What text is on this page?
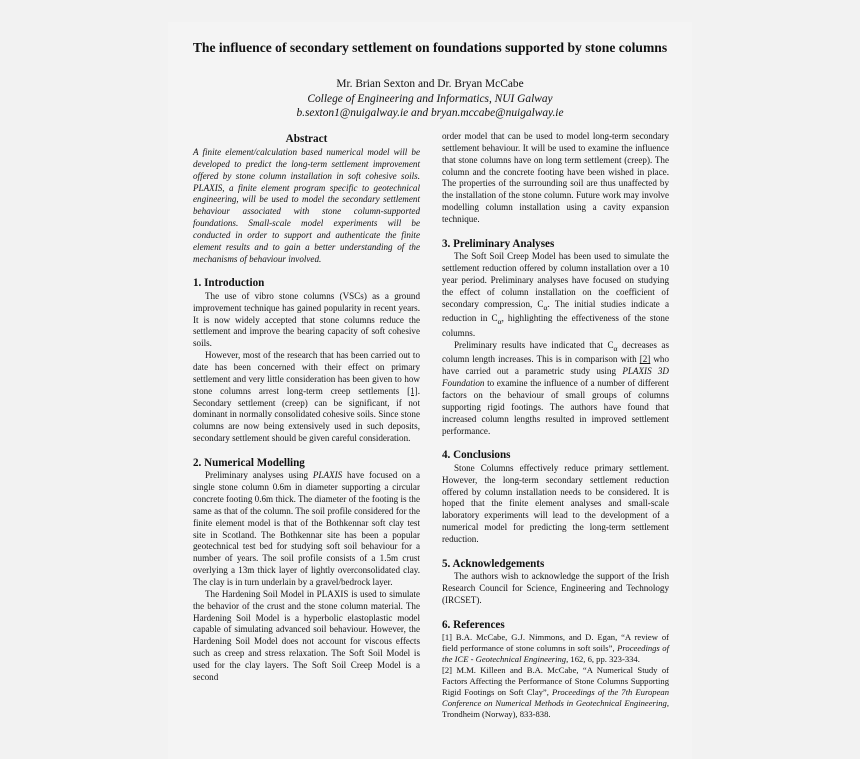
The influence of secondary settlement on foundations supported by stone columns
Mr. Brian Sexton and Dr. Bryan McCabe
College of Engineering and Informatics, NUI Galway
b.sexton1@nuigalway.ie and bryan.mccabe@nuigalway.ie
Abstract

A finite element/calculation based numerical model will be developed to predict the long-term settlement improvement offered by stone column installation in soft cohesive soils. PLAXIS, a finite element program specific to geotechnical engineering, will be used to model the secondary settlement behaviour associated with stone column-supported foundations. Small-scale model experiments will be conducted in order to support and authenticate the finite element results and to gain a better understanding of the mechanisms of behaviour involved.

1. Introduction

The use of vibro stone columns (VSCs) as a ground improvement technique has gained popularity in recent years. It is now widely accepted that stone columns reduce the settlement and improve the bearing capacity of soft cohesive soils.

However, most of the research that has been carried out to date has been concerned with their effect on primary settlement and very little consideration has been given to how stone columns arrest long-term creep settlements [1]. Secondary settlement (creep) can be significant, if not dominant in normally consolidated cohesive soils. Since stone columns are now being extensively used in such deposits, secondary settlement should be given careful consideration.

2. Numerical Modelling

Preliminary analyses using PLAXIS have focused on a single stone column 0.6m in diameter supporting a circular concrete footing 0.6m thick. The diameter of the footing is the same as that of the column. The soil profile considered for the finite element model is that of the Bothkennar soft clay test site in Scotland. The Bothkennar site has been a popular geotechnical test bed for studying soft soil behaviour for a number of years. The soil profile consists of a 1.5m crust overlying a 13m thick layer of lightly overconsolidated clay. The clay is in turn underlain by a gravel/bedrock layer.

The Hardening Soil Model in PLAXIS is used to simulate the behavior of the crust and the stone column material. The Hardening Soil Model is a hyperbolic elastoplastic model capable of simulating advanced soil behaviour. However, the Hardening Soil Model does not account for viscous effects such as creep and stress relaxation. The Soft Soil Model is used for the clay layers. The Soft Soil Creep Model is a second

order model that can be used to model long-term secondary settlement behaviour. It will be used to examine the influence that stone columns have on long term settlement (creep). The column and the concrete footing have been wished in place. The properties of the surrounding soil are thus unaffected by the installation of the stone column. Future work may involve modelling column installation using a cavity expansion technique.

3. Preliminary Analyses

The Soft Soil Creep Model has been used to simulate the settlement reduction offered by column installation over a 10 year period. Preliminary analyses have focused on studying the effect of column installation on the coefficient of secondary compression, $C_\alpha$. The initial studies indicate a reduction in $C_\alpha$, highlighting the effectiveness of the stone columns.

Preliminary results have indicated that $C_\alpha$ decreases as column length increases. This is in comparison with [2] who have carried out a parametric study using PLAXIS 3D Foundation to examine the influence of a number of different factors on the behaviour of small groups of columns supporting rigid footings. The authors have found that increased column lengths resulted in improved settlement performance.

4. Conclusions

Stone Columns effectively reduce primary settlement. However, the long-term secondary settlement reduction offered by column installation needs to be considered. It is hoped that the finite element analyses and small-scale laboratory experiments will lead to the development of a numerical model for predicting the long-term settlement reduction.

5. Acknowledgements

The authors wish to acknowledge the support of the Irish Research Council for Science, Engineering and Technology (IRCSET).

6. References

[1] B.A. McCabe, G.J. Nimmons, and D. Egan, “A review of field performance of stone columns in soft soils”, Proceedings of the ICE - Geotechnical Engineering, 162, 6, pp. 323-334.

[2] M.M. Killeen and B.A. McCabe, “A Numerical Study of Factors Affecting the Performance of Stone Columns Supporting Rigid Footings on Soft Clay”, Proceedings of the 7th European Conference on Numerical Methods in Geotechnical Engineering, Trondheim (Norway), 833-838.
